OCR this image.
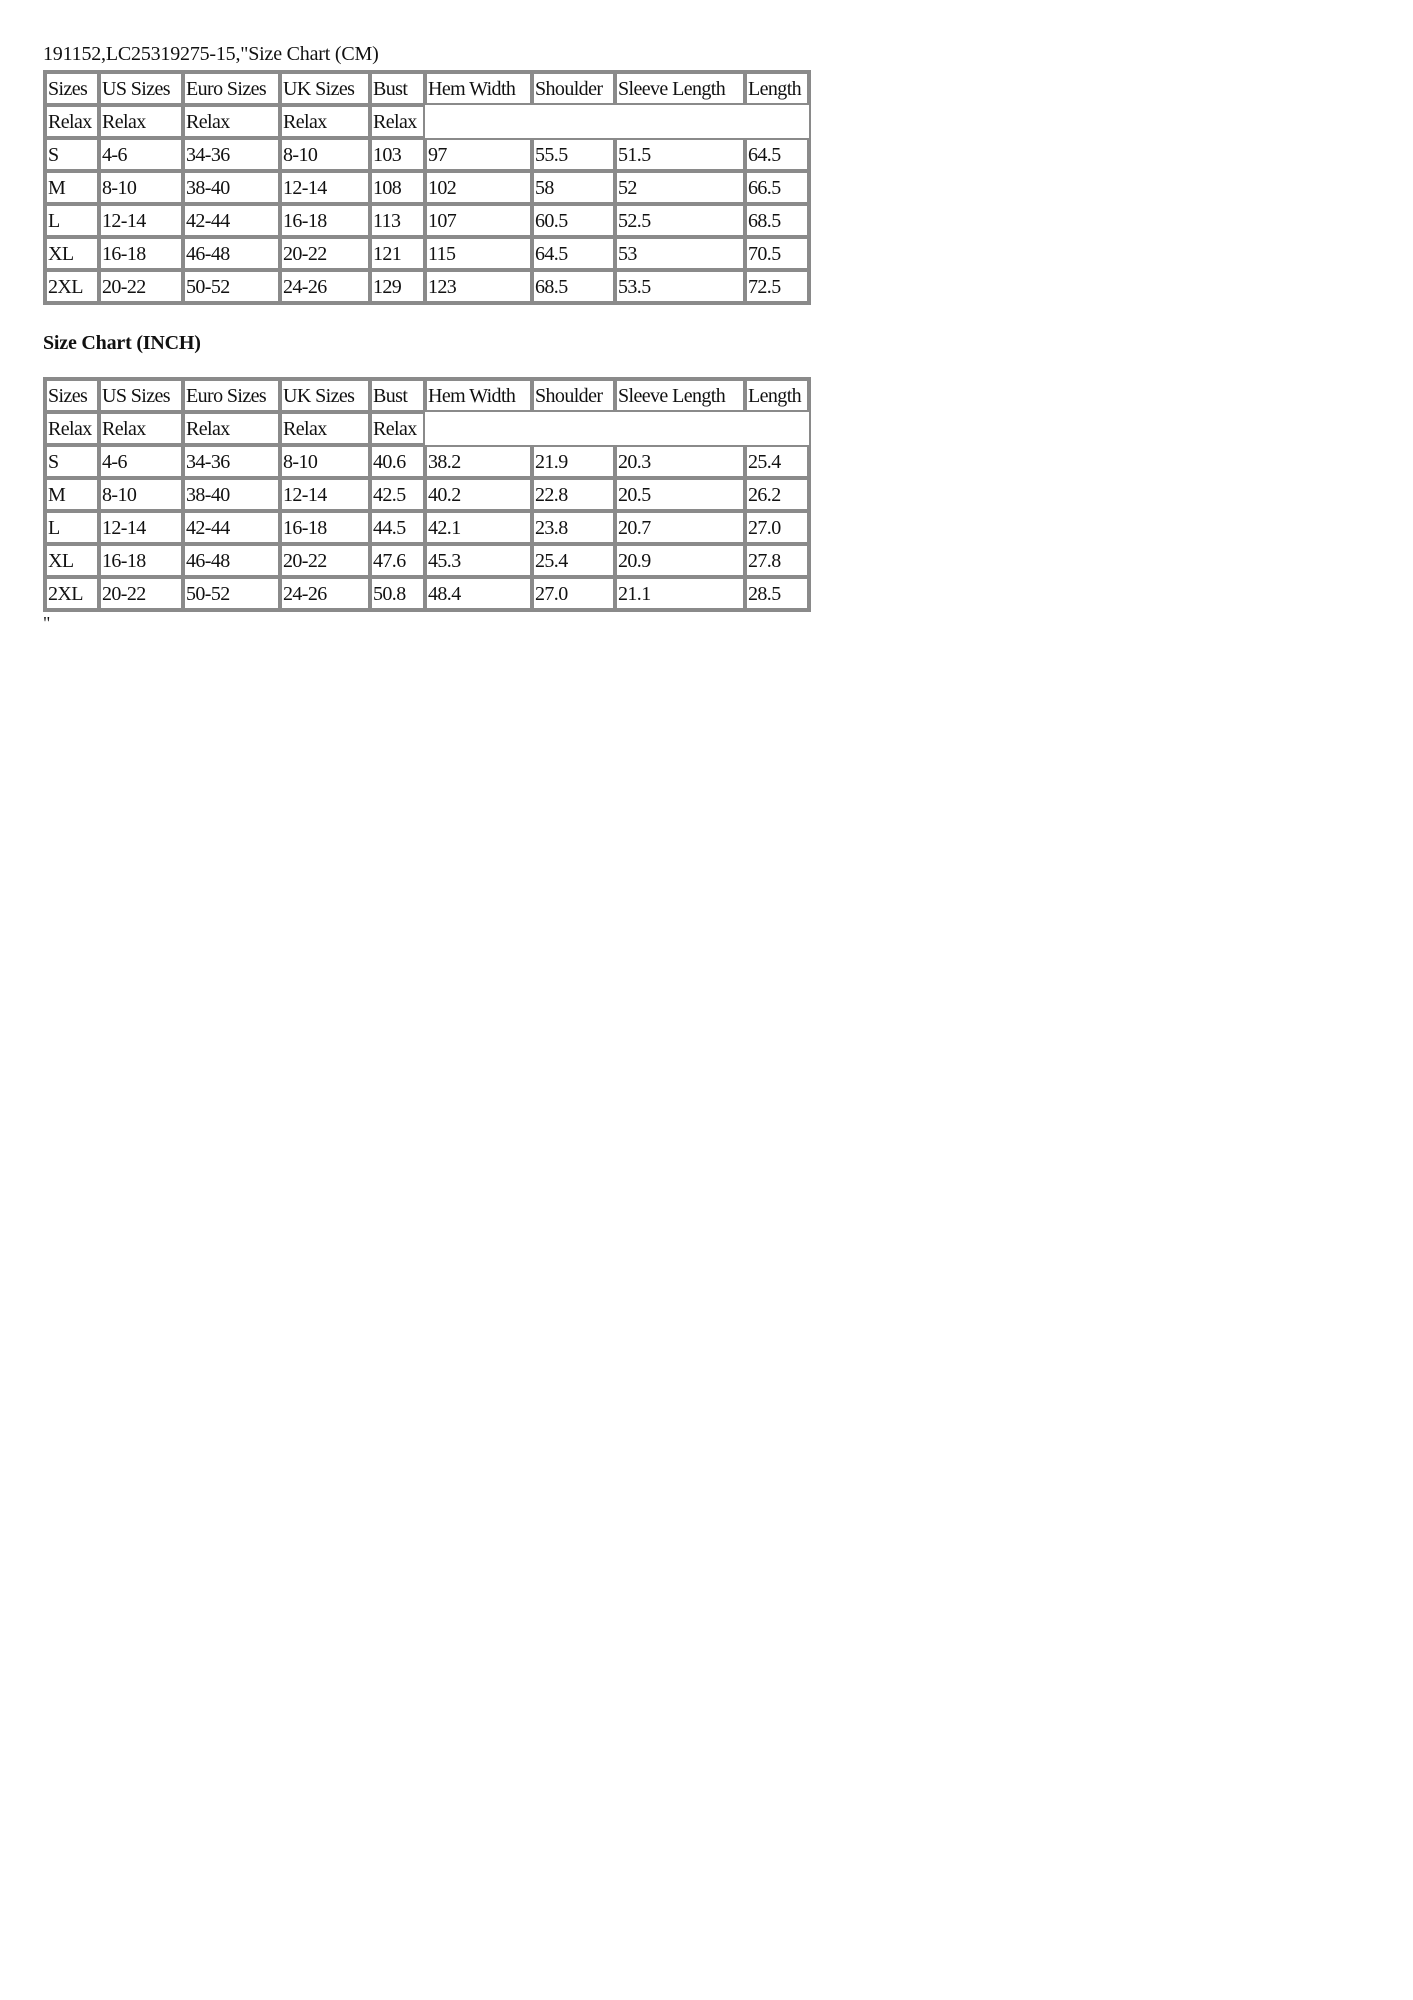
191152,LC25319275-15,"Size Chart (CM)
Sizes	US Sizes	Euro Sizes	UK Sizes	Bust	Hem Width	Shoulder	Sleeve Length	Length
Relax	Relax	Relax	Relax	Relax				
S	4-6	34-36	8-10	103	97	55.5	51.5	64.5
M	8-10	38-40	12-14	108	102	58	52	66.5
L	12-14	42-44	16-18	113	107	60.5	52.5	68.5
XL	16-18	46-48	20-22	121	115	64.5	53	70.5
2XL	20-22	50-52	24-26	129	123	68.5	53.5	72.5
Size Chart (INCH)
Sizes	US Sizes	Euro Sizes	UK Sizes	Bust	Hem Width	Shoulder	Sleeve Length	Length
Relax	Relax	Relax	Relax	Relax				
S	4-6	34-36	8-10	40.6	38.2	21.9	20.3	25.4
M	8-10	38-40	12-14	42.5	40.2	22.8	20.5	26.2
L	12-14	42-44	16-18	44.5	42.1	23.8	20.7	27.0
XL	16-18	46-48	20-22	47.6	45.3	25.4	20.9	27.8
2XL	20-22	50-52	24-26	50.8	48.4	27.0	21.1	28.5
"
